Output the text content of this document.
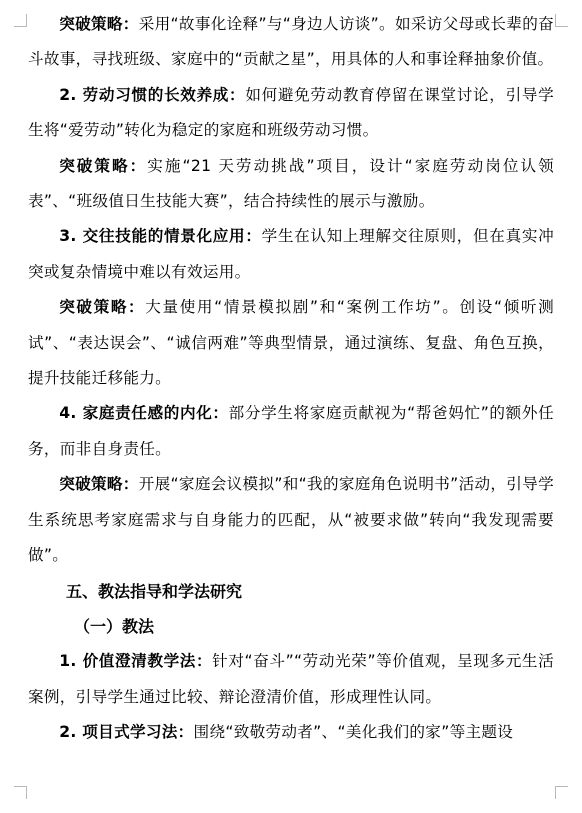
突破策略：采用“故事化诠释”与“身边人访谈”。如采访父母或长辈的奋斗故事，寻找班级、家庭中的“贡献之星”，用具体的人和事诠释抽象价值。

2. 劳动习惯的长效养成：如何避免劳动教育停留在课堂讨论，引导学生将“爱劳动”转化为稳定的家庭和班级劳动习惯。

突破策略：实施“21 天劳动挑战”项目，设计“家庭劳动岗位认领表”、“班级值日生技能大赛”，结合持续性的展示与激励。

3. 交往技能的情景化应用：学生在认知上理解交往原则，但在真实冲突或复杂情境中难以有效运用。

突破策略：大量使用“情景模拟剧”和“案例工作坊”。创设“倾听测试”、“表达误会”、“诚信两难”等典型情景，通过演练、复盘、角色互换，提升技能迁移能力。

4. 家庭责任感的内化：部分学生将家庭贡献视为“帮爸妈忙”的额外任务，而非自身责任。

突破策略：开展“家庭会议模拟”和“我的家庭角色说明书”活动，引导学生系统思考家庭需求与自身能力的匹配，从“被要求做”转向“我发现需要做”。

五、教法指导和学法研究
（一）教法

1. 价值澄清教学法：针对“奋斗”“劳动光荣”等价值观，呈现多元生活案例，引导学生通过比较、辩论澄清价值，形成理性认同。

2. 项目式学习法：围绕“致敬劳动者”、“美化我们的家”等主题设
